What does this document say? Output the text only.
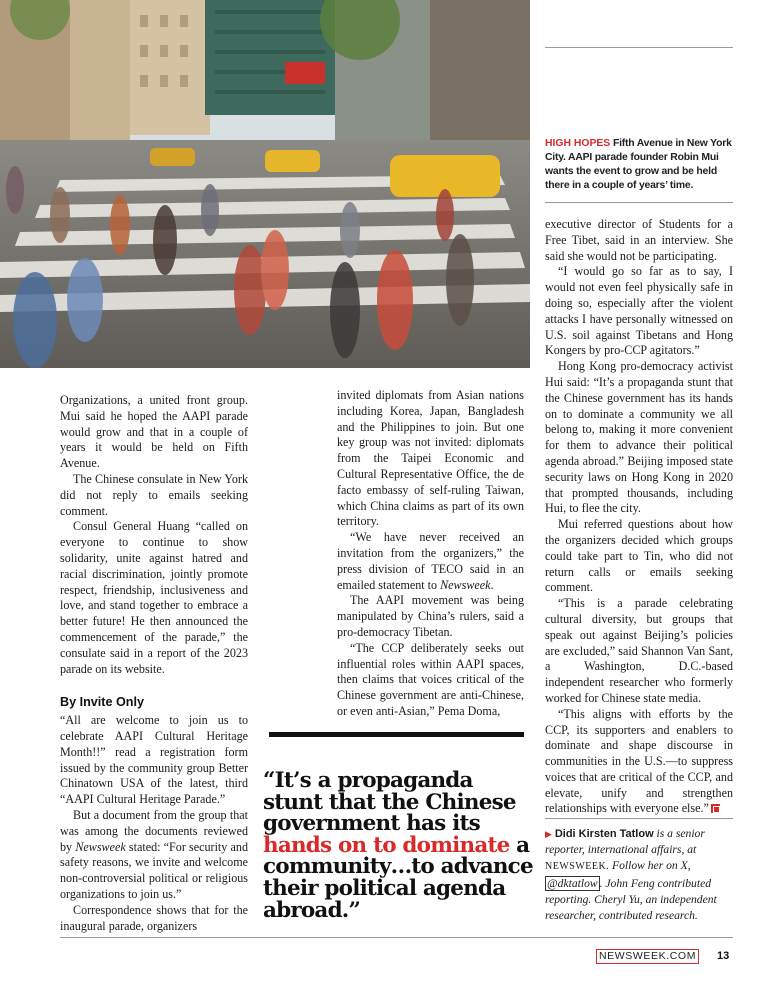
HIGH HOPES Fifth Avenue in New York City. AAPI parade founder Robin Mui wants the event to grow and be held there in a couple of years’ time.

Organizations, a united front group. Mui said he hoped the AAPI parade would grow and that in a couple of years it would be held on Fifth Avenue.

The Chinese consulate in New York did not reply to emails seeking comment.

Consul General Huang “called on everyone to continue to show solidarity, unite against hatred and racial discrimination, jointly promote respect, friendship, inclusiveness and love, and stand together to embrace a better future! He then announced the commencement of the parade,” the consulate said in a report of the 2023 parade on its website.

By Invite Only

“All are welcome to join us to celebrate AAPI Cultural Heritage Month!!” read a registration form issued by the community group Better Chinatown USA of the latest, third “AAPI Cultural Heritage Parade.”

But a document from the group that was among the documents reviewed by Newsweek stated: “For security and safety reasons, we invite and welcome non-controversial political or religious organizations to join us.”

Correspondence shows that for the inaugural parade, organizers

invited diplomats from Asian nations including Korea, Japan, Bangladesh and the Philippines to join. But one key group was not invited: diplomats from the Taipei Economic and Cultural Representative Office, the de facto embassy of self-ruling Taiwan, which China claims as part of its own territory.

“We have never received an invitation from the organizers,” the press division of TECO said in an emailed statement to Newsweek.

The AAPI movement was being manipulated by China’s rulers, said a pro-democracy Tibetan.

“The CCP deliberately seeks out influential roles within AAPI spaces, then claims that voices critical of the Chinese government are anti-Chinese, or even anti-Asian,” Pema Doma,

executive director of Students for a Free Tibet, said in an interview. She said she would not be participating.

“I would go so far as to say, I would not even feel physically safe in doing so, especially after the violent attacks I have personally witnessed on U.S. soil against Tibetans and Hong Kongers by pro-CCP agitators.”

Hong Kong pro-democracy activist Hui said: “It’s a propaganda stunt that the Chinese government has its hands on to dominate a community we all belong to, making it more convenient for them to advance their political agenda abroad.” Beijing imposed state security laws on Hong Kong in 2020 that prompted thousands, including Hui, to flee the city.

Mui referred questions about how the organizers decided which groups could take part to Tin, who did not return calls or emails seeking comment.

“This is a parade celebrating cultural diversity, but groups that speak out against Beijing’s policies are excluded,” said Shannon Van Sant, a Washington, D.C.-based independent researcher who formerly worked for Chinese state media.

“This aligns with efforts by the CCP, its supporters and enablers to dominate and shape discourse in communities in the U.S.—to suppress voices that are critical of the CCP, and elevate, unify and strengthen relationships with everyone else.”

“It’s a propaganda stunt that the Chinese government has its hands on to dominate a community…to advance their political agenda abroad.”
▶ Didi Kirsten Tatlow is a senior reporter, international affairs, at NEWSWEEK. Follow her on X, @dktatlow . John Feng contributed reporting. Cheryl Yu, an independent researcher, contributed research.
NEWSWEEK.COM 13
